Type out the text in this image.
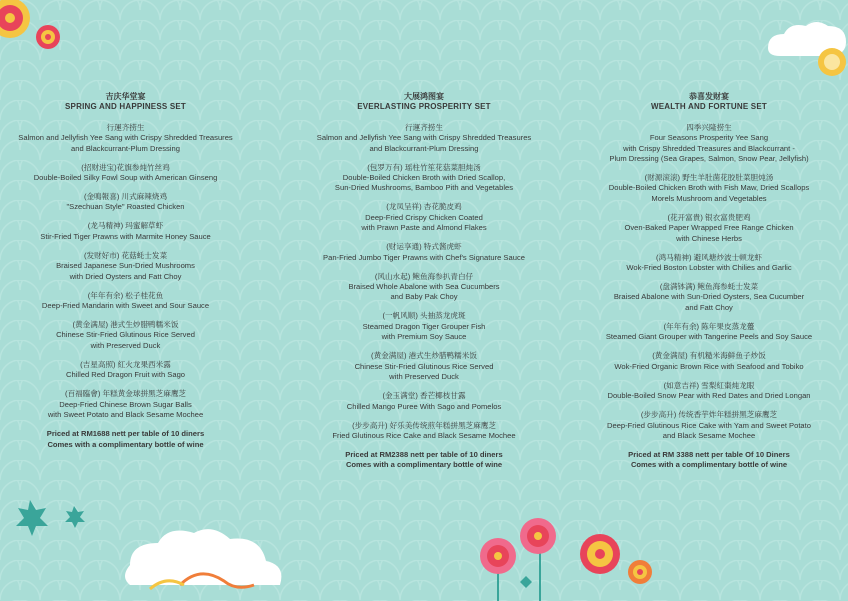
吉庆华堂宴
SPRING AND HAPPINESS SET
行運齐捞生
Salmon and Jellyfish Yee Sang with Crispy Shredded Treasures
and Blackcurrant-Plum Dressing
(招财进宝)花旗参炖竹丝鸡
Double-Boiled Silky Fowl Soup with American Ginseng
(金鳴報喜) 川式麻辣烧鸡
"Szechuan Style" Roasted Chicken
(龙马精神) 玛蜜解草虾
Stir-Fried Tiger Prawns with Marmite Honey Sauce
(发财好市) 花菇蚝士发菜
Braised Japanese Sun-Dried Mushrooms
with Dried Oysters and Fatt Choy
(年年有余) 松子桂花鱼
Deep-Fried Mandarin with Sweet and Sour Sauce
(黄金满屋) 港式生炒腊鸭糯米饭
Chinese Stir-Fried Glutinous Rice Served
with Preserved Duck
(吉星高照) 紅火龙果西米露
Chilled Red Dragon Fruit with Sago
(百福臨會) 年糕黄金球拼黑芝麻鹰芝
Deep-Fried Chinese Brown Sugar Balls
with Sweet Potato and Black Sesame Mochee
Priced at RM1688 nett per table of 10 diners
Comes with a complimentary bottle of wine
大展鸿图宴
EVERLASTING PROSPERITY SET
行運齐捞生
Salmon and Jellyfish Yee Sang with Crispy Shredded Treasures
and Blackcurrant-Plum Dressing
(包罗万有) 瑶柱竹笙花菇菜胆炖汤
Double-Boiled Chicken Broth with Dried Scallop,
Sun-Dried Mushrooms, Bamboo Pith and Vegetables
(龙凤呈祥) 杏花脆皮鸡
Deep-Fried Crispy Chicken Coated
with Prawn Paste and Almond Flakes
(财运享通) 特式酱虎虾
Pan-Fried Jumbo Tiger Prawns with Chef's Signature Sauce
(风山水起) 鲍鱼海参扒青白仔
Braised Whole Abalone with Sea Cucumbers
and Baby Pak Choy
(一帆风顺) 头抽蒸龙虎斑
Steamed Dragon Tiger Grouper Fish
with Premium Soy Sauce
(黄金满屋) 港式生炒腊鸭糯米饭
Chinese Stir-Fried Glutinous Rice Served
with Preserved Duck
(金玉满堂) 香芒椰枝甘露
Chilled Mango Puree With Sago and Pomelos
(步步高升) 好乐美传统煎年糕拼黑芝麻鹰芝
Fried Glutinous Rice Cake and Black Sesame Mochee
Priced at RM2388 nett per table of 10 diners
Comes with a complimentary bottle of wine
恭喜发财宴
WEALTH AND FORTUNE SET
四季兴隆捞生
Four Seasons Prosperity Yee Sang
with Crispy Shredded Treasures and Blackcurrant -
Plum Dressing (Sea Grapes, Salmon, Snow Pear, Jellyfish)
(财源滚滚) 野生羊肚菌花胶肚菜胆炖汤
Double-Boiled Chicken Broth with Fish Maw, Dried Scallops
Morels Mushroom and Vegetables
(花开富貴) 银衣富贵肥鸡
Oven-Baked Paper Wrapped Free Range Chicken
with Chinese Herbs
(鸿马精神) 避风塘炒波士顿龙虾
Wok-Fried Boston Lobster with Chilies and Garlic
(盘满钵满) 鲍鱼海参蚝士发菜
Braised Abalone with Sun-Dried Oysters, Sea Cucumber
and Fatt Choy
(年年有余) 陈年果皮蒸龙躉
Steamed Giant Grouper with Tangerine Peels and Soy Sauce
(黄金满屋) 有机糙米海鲜鱼子炒饭
Wok-Fried Organic Brown Rice with Seafood and Tobiko
(如意吉祥) 雪梨紅棗炖龙眼
Double-Boiled Snow Pear with Red Dates and Dried Longan
(步步高升) 传统香芋炸年糕拼黑芝麻鹰芝
Deep-Fried Glutinous Rice Cake with Yam and Sweet Potato
and Black Sesame Mochee
Priced at RM 3388 nett per table Of 10 Diners
Comes with a complimentary bottle of wine
